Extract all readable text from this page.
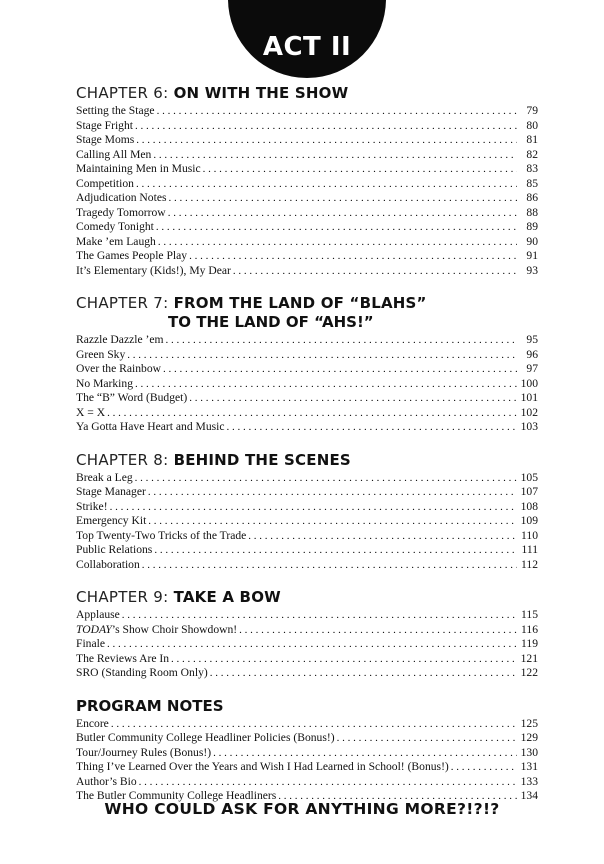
ACT II
CHAPTER 6: ON WITH THE SHOW
Setting the Stage . . .	79
Stage Fright . . .	80
Stage Moms . . .	81
Calling All Men . . .	82
Maintaining Men in Music . . .	83
Competition . . .	85
Adjudication Notes . . .	86
Tragedy Tomorrow . . .	88
Comedy Tonight . . .	89
Make ’em Laugh . . .	90
The Games People Play . . .	91
It’s Elementary (Kids!), My Dear . . .	93
CHAPTER 7: FROM THE LAND OF “BLAHS”
TO THE LAND OF “AHS!”
Razzle Dazzle ’em . . .	95
Green Sky . . .	96
Over the Rainbow . . .	97
No Marking . . .	100
The “B” Word (Budget) . . .	101
X = X . . .	102
Ya Gotta Have Heart and Music . . .	103
CHAPTER 8: BEHIND THE SCENES
Break a Leg . . .	105
Stage Manager . . .	107
Strike! . . .	108
Emergency Kit . . .	109
Top Twenty-Two Tricks of the Trade . . .	110
Public Relations . . .	111
Collaboration . . .	112
CHAPTER 9: TAKE A BOW
Applause . . .	115
TODAY’s Show Choir Showdown! . . .	116
Finale . . .	119
The Reviews Are In . . .	121
SRO (Standing Room Only) . . .	122
PROGRAM NOTES
Encore . . .	125
Butler Community College Headliner Policies (Bonus!) . . .	129
Tour/Journey Rules (Bonus!) . . .	130
Thing I’ve Learned Over the Years and Wish I Had Learned in School! (Bonus!) . . .	131
Author’s Bio . . .	133
The Butler Community College Headliners . . .	134
WHO COULD ASK FOR ANYTHING MORE?!?!?
